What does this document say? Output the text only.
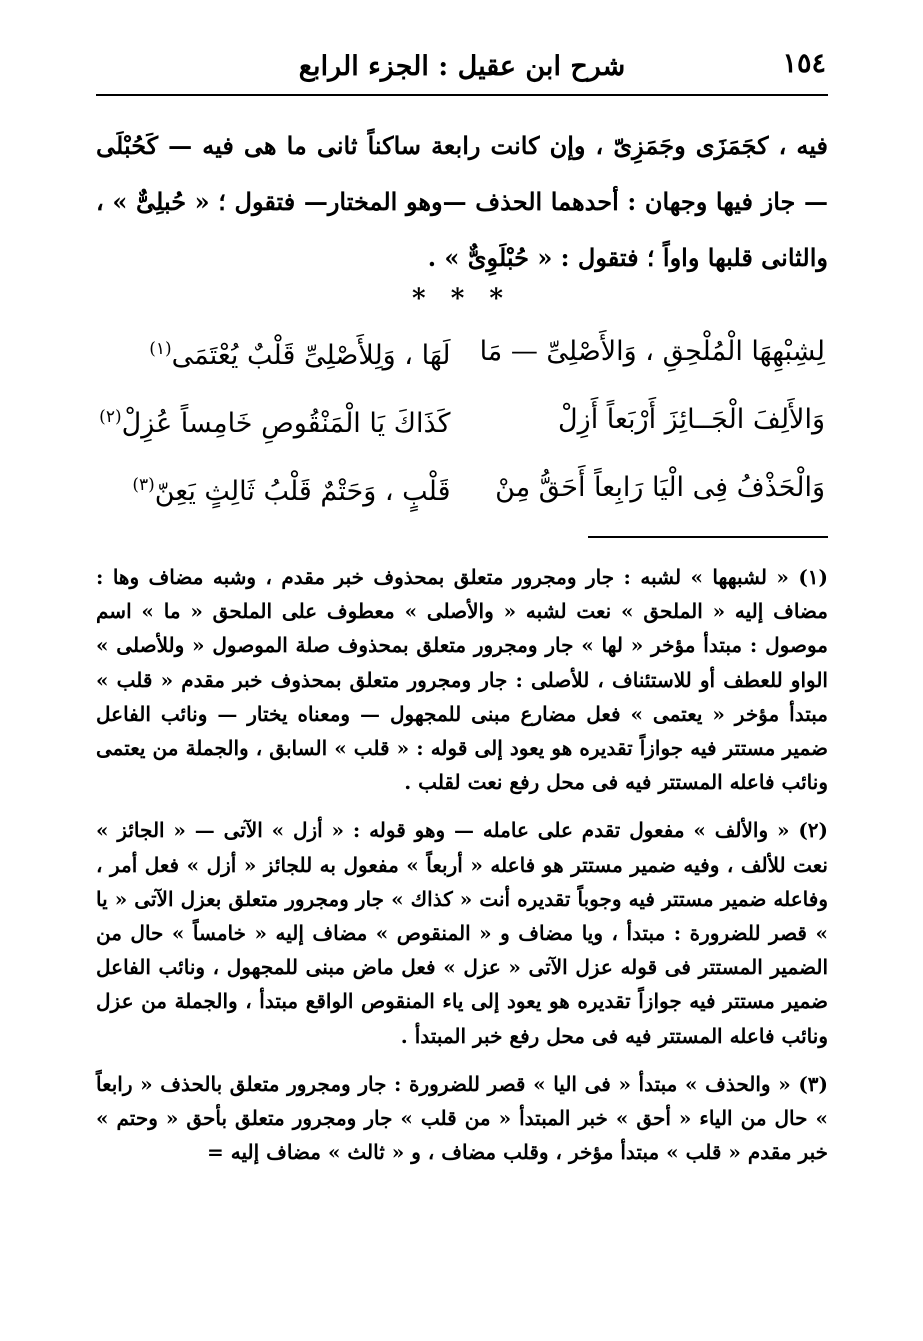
١٥٤
شرح ابن عقيل : الجزء الرابع

فيه ، كجَمَزَى وجَمَزِىّ ، وإن كانت رابعة ساكناً ثانى ما هى فيه — كَحُبْلَى — جاز فيها وجهان : أحدهما الحذف —وهو المختار— فتقول ؛ « حُبلِىٌّ » ، والثانى قلبها واواً ؛ فتقول : « حُبْلَوِىٌّ » .

* * *
لِشِبْهِهَا الْمُلْحِقِ ، وَالأَصْلِىِّ — مَا
لَهَا ، وَلِلأَصْلِىِّ قَلْبٌ يُعْتَمَى$^{(١)}$
وَالأَلِفَ الْجَــائِزَ أَرْبَعاً أَزِلْ
كَذَاكَ يَا الْمَنْقُوصِ خَامِساً عُزِلْ$^{(٢)}$
وَالْحَذْفُ فِى الْيَا رَابِعاً أَحَقُّ مِنْ
قَلْبٍ ، وَحَتْمٌ قَلْبُ ثَالِثٍ يَعِنّ$^{(٣)}$

(١) « لشبهها » لشبه : جار ومجرور متعلق بمحذوف خبر مقدم ، وشبه مضاف وها : مضاف إليه « الملحق » نعت لشبه « والأصلى » معطوف على الملحق « ما » اسم موصول : مبتدأ مؤخر « لها » جار ومجرور متعلق بمحذوف صلة الموصول « وللأصلى » الواو للعطف أو للاستئناف ، للأصلى : جار ومجرور متعلق بمحذوف خبر مقدم « قلب » مبتدأ مؤخر « يعتمى » فعل مضارع مبنى للمجهول — ومعناه يختار — ونائب الفاعل ضمير مستتر فيه جوازاً تقديره هو يعود إلى قوله : « قلب » السابق ، والجملة من يعتمى ونائب فاعله المستتر فيه فى محل رفع نعت لقلب .

(٢) « والألف » مفعول تقدم على عامله — وهو قوله : « أزل » الآتى — « الجائز » نعت للألف ، وفيه ضمير مستتر هو فاعله « أربعاً » مفعول به للجائز « أزل » فعل أمر ، وفاعله ضمير مستتر فيه وجوباً تقديره أنت « كذاك » جار ومجرور متعلق بعزل الآتى « يا » قصر للضرورة : مبتدأ ، ويا مضاف و « المنقوص » مضاف إليه « خامساً » حال من الضمير المستتر فى قوله عزل الآتى « عزل » فعل ماض مبنى للمجهول ، ونائب الفاعل ضمير مستتر فيه جوازاً تقديره هو يعود إلى ياء المنقوص الواقع مبتدأ ، والجملة من عزل ونائب فاعله المستتر فيه فى محل رفع خبر المبتدأ .

(٣) « والحذف » مبتدأ « فى اليا » قصر للضرورة : جار ومجرور متعلق بالحذف « رابعاً » حال من الياء « أحق » خبر المبتدأ « من قلب » جار ومجرور متعلق بأحق « وحتم » خبر مقدم « قلب » مبتدأ مؤخر ، وقلب مضاف ، و « ثالث » مضاف إليه =
